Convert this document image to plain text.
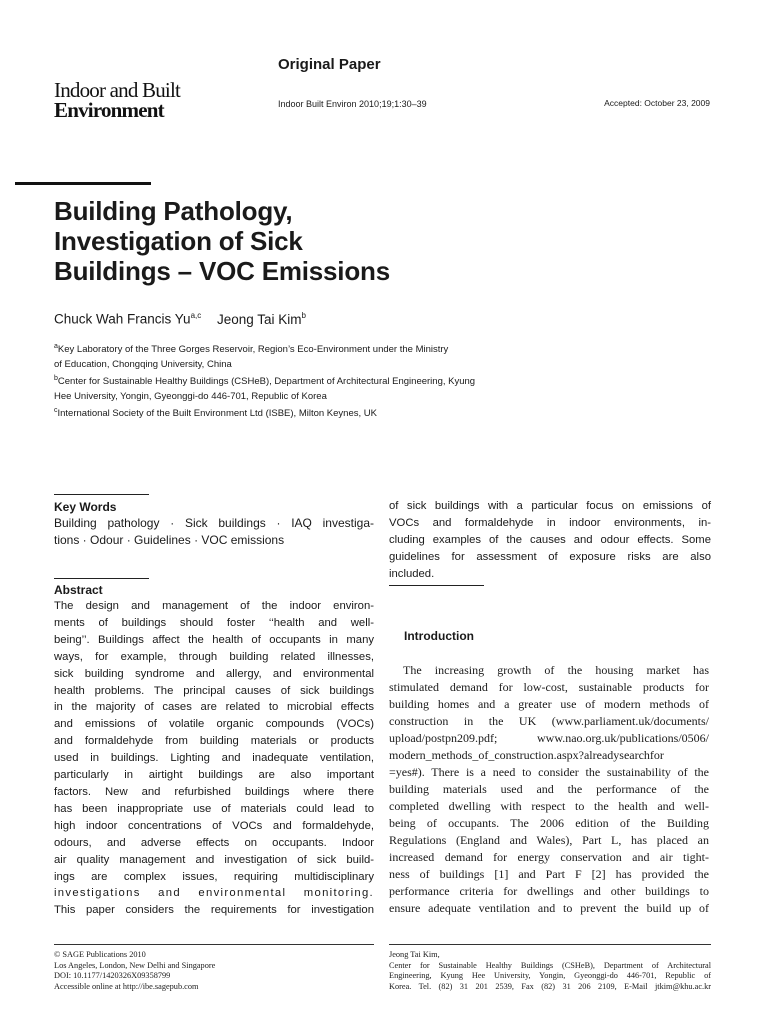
Indoor and Built
Environment
Original Paper
Indoor Built Environ 2010;19;1:30–39	Accepted: October 23, 2009
Building Pathology,
Investigation of Sick
Buildings – VOC Emissions
Chuck Wah Francis Yu$^{a,c}$ Jeong Tai Kim$^b$
$^a$Key Laboratory of the Three Gorges Reservoir, Region’s Eco-Environment under the Ministry
of Education, Chongqing University, China
$^b$Center for Sustainable Healthy Buildings (CSHeB), Department of Architectural Engineering, Kyung
Hee University, Yongin, Gyeonggi-do 446-701, Republic of Korea
$^c$International Society of the Built Environment Ltd (ISBE), Milton Keynes, UK
Key Words
Building pathology · Sick buildings · IAQ investiga-
tions · Odour · Guidelines · VOC emissions
Abstract
The design and management of the indoor environ-
ments of buildings should foster ‘‘health and well-
being’’. Buildings affect the health of occupants in many
ways, for example, through building related illnesses,
sick building syndrome and allergy, and environmental
health problems. The principal causes of sick buildings
in the majority of cases are related to microbial effects
and emissions of volatile organic compounds (VOCs)
and formaldehyde from building materials or products
used in buildings. Lighting and inadequate ventilation,
particularly in airtight buildings are also important
factors. New and refurbished buildings where there
has been inappropriate use of materials could lead to
high indoor concentrations of VOCs and formaldehyde,
odours, and adverse effects on occupants. Indoor
air quality management and investigation of sick build-
ings are complex issues, requiring multidisciplinary
investigations and environmental monitoring.
This paper considers the requirements for investigation
of sick buildings with a particular focus on emissions of
VOCs and formaldehyde in indoor environments, in-
cluding examples of the causes and odour effects. Some
guidelines for assessment of exposure risks are also
included.
Introduction
The increasing growth of the housing market has
stimulated demand for low-cost, sustainable products for
building homes and a greater use of modern methods of
construction in the UK (www.parliament.uk/documents/
upload/postpn209.pdf; www.nao.org.uk/publications/0506/
modern_methods_of_construction.aspx?alreadysearchfor
=yes#). There is a need to consider the sustainability of the
building materials used and the performance of the
completed dwelling with respect to the health and well-
being of occupants. The 2006 edition of the Building
Regulations (England and Wales), Part L, has placed an
increased demand for energy conservation and air tight-
ness of buildings [1] and Part F [2] has provided the
performance criteria for dwellings and other buildings to
ensure adequate ventilation and to prevent the build up of
© SAGE Publications 2010
Los Angeles, London, New Delhi and Singapore
DOI: 10.1177/1420326X09358799
Accessible online at http://ibe.sagepub.com
Jeong Tai Kim,
Center for Sustainable Healthy Buildings (CSHeB), Department of Architectural
Engineering, Kyung Hee University, Yongin, Gyeonggi-do 446-701, Republic of
Korea. Tel. (82) 31 201 2539, Fax (82) 31 206 2109, E-Mail jtkim@khu.ac.kr
